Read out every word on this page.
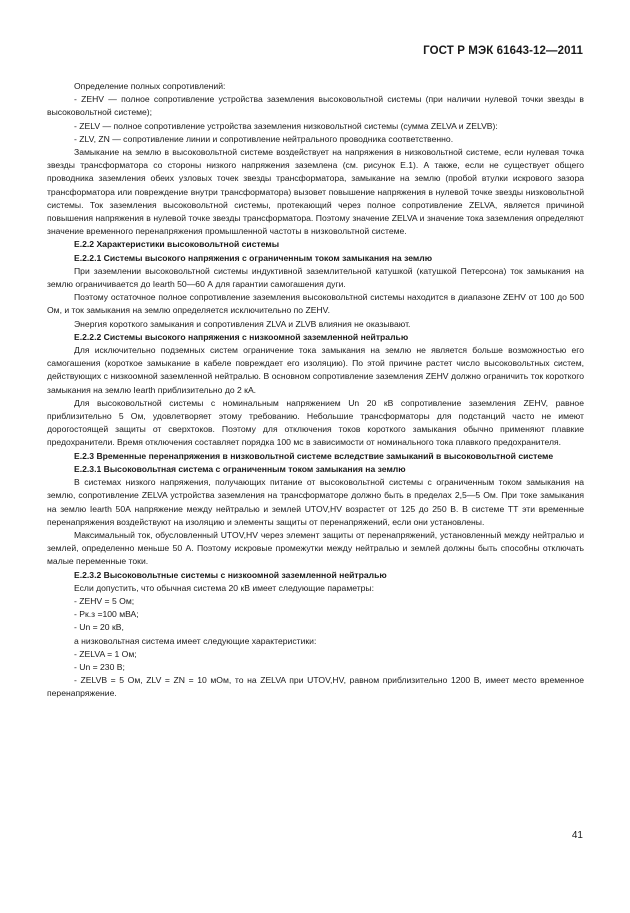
ГОСТ Р МЭК 61643-12—2011

Определение полных сопротивлений:

- ZEHV — полное сопротивление устройства заземления высоковольтной системы (при наличии нулевой точки звезды в высоковольтной системе);

- ZELV — полное сопротивление устройства заземления низковольтной системы (сумма ZELVA и ZELVB):

- ZLV, ZN — сопротивление линии и сопротивление нейтрального проводника соответственно.

Замыкание на землю в высоковольтной системе воздействует на напряжения в низковольтной системе, если нулевая точка звезды трансформатора со стороны низкого напряжения заземлена (см. рисунок Е.1). А также, если не существует общего проводника заземления обеих узловых точек звезды трансформатора, замыкание на землю (пробой втулки искрового зазора трансформатора или повреждение внутри трансформатора) вызовет повышение напряжения в нулевой точке звезды низковольтной системы. Ток заземления высоковольтной системы, протекающий через полное сопротивление ZELVA, является причиной повышения напряжения в нулевой точке звезды трансформатора. Поэтому значение ZELVA и значение тока заземления определяют значение временного перенапряжения промышленной частоты в низковольтной системе.

Е.2.2 Характеристики высоковольтной системы

Е.2.2.1 Системы высокого напряжения с ограниченным током замыкания на землю

При заземлении высоковольтной системы индуктивной заземлительной катушкой (катушкой Петерсона) ток замыкания на землю ограничивается до Iearth 50—60 А для гарантии самогашения дуги.

Поэтому остаточное полное сопротивление заземления высоковольтной системы находится в диапазоне ZEHV от 100 до 500 Ом, и ток замыкания на землю определяется исключительно по ZEHV.

Энергия короткого замыкания и сопротивления ZLVA и ZLVB влияния не оказывают.

Е.2.2.2 Системы высокого напряжения с низкоомной заземленной нейтралью

Для исключительно подземных систем ограничение тока замыкания на землю не является больше возможностью его самогашения (короткое замыкание в кабеле повреждает его изоляцию). По этой причине растет число высоковольтных систем, действующих с низкоомной заземленной нейтралью. В основном сопротивление заземления ZEHV должно ограничить ток короткого замыкания на землю Iearth приблизительно до 2 кА.

Для высоковольтной системы с номинальным напряжением Un 20 кВ сопротивление заземления ZEHV, равное приблизительно 5 Ом, удовлетворяет этому требованию. Небольшие трансформаторы для подстанций часто не имеют дорогостоящей защиты от сверхтоков. Поэтому для отключения токов короткого замыкания обычно применяют плавкие предохранители. Время отключения составляет порядка 100 мс в зависимости от номинального тока плавкого предохранителя.

Е.2.3 Временные перенапряжения в низковольтной системе вследствие замыканий в высоковольтной системе

Е.2.3.1 Высоковольтная система с ограниченным током замыкания на землю

В системах низкого напряжения, получающих питание от высоковольтной системы с ограниченным током замыкания на землю, сопротивление ZELVA устройства заземления на трансформаторе должно быть в пределах 2,5—5 Ом. При токе замыкания на землю Iearth 50А напряжение между нейтралью и землей UTOV,HV возрастет от 125 до 250 В. В системе ТТ эти временные перенапряжения воздействуют на изоляцию и элементы защиты от перенапряжений, если они установлены.

Максимальный ток, обусловленный UTOV,HV через элемент защиты от перенапряжений, установленный между нейтралью и землей, определенно меньше 50 А. Поэтому искровые промежутки между нейтралью и землей должны быть способны отключать малые переменные токи.

Е.2.3.2 Высоковольтные системы с низкоомной заземленной нейтралью

Если допустить, что обычная система 20 кВ имеет следующие параметры:

- ZEHV = 5 Ом;

- Pк.з =100 мВА;

- Un = 20 кВ,

а низковольтная система имеет следующие характеристики:

- ZELVA = 1 Ом;

- Un = 230 В;

- ZELVB = 5 Ом, ZLV = ZN = 10 мОм, то на ZELVA при UTOV,HV, равном приблизительно 1200 В, имеет место временное перенапряжение.

41
